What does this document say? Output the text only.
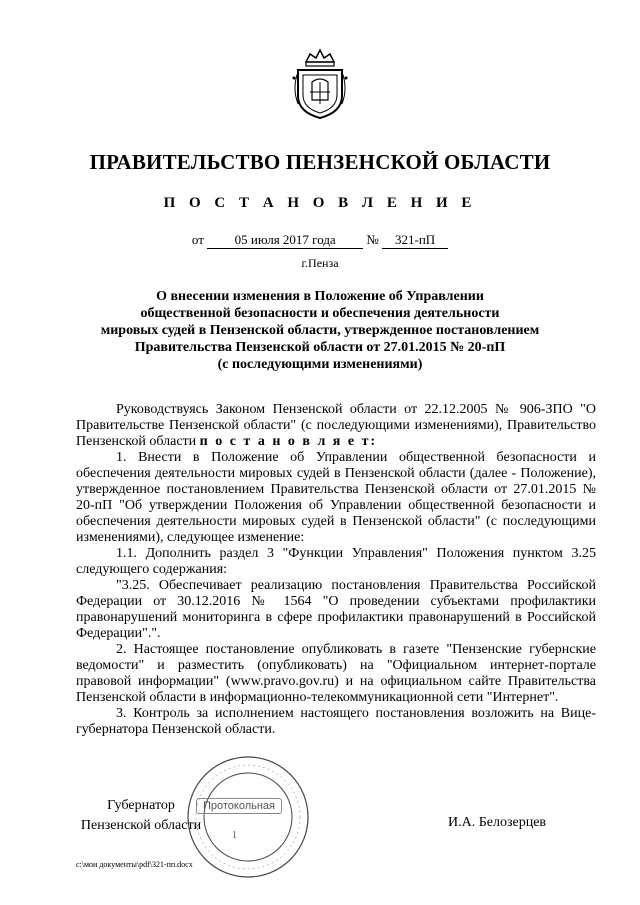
ПРАВИТЕЛЬСТВО ПЕНЗЕНСКОЙ ОБЛАСТИ
П О С Т А Н О В Л Е Н И Е
от 05 июля 2017 года № 321-пП
г.Пенза
О внесении изменения в Положение об Управлении
общественной безопасности и обеспечения деятельности
мировых судей в Пензенской области, утвержденное постановлением
Правительства Пензенской области от 27.01.2015 № 20-пП
(с последующими изменениями)

Руководствуясь Законом Пензенской области от 22.12.2005 № 906-ЗПО "О Правительстве Пензенской области" (с последующими изменениями), Правительство Пензенской области п о с т а н о в л я е т:

1. Внести в Положение об Управлении общественной безопасности и обеспечения деятельности мировых судей в Пензенской области (далее - Положение), утвержденное постановлением Правительства Пензенской области от 27.01.2015 № 20-пП "Об утверждении Положения об Управлении общественной безопасности и обеспечения деятельности мировых судей в Пензенской области" (с последующими изменениями), следующее изменение:

1.1. Дополнить раздел 3 "Функции Управления" Положения пунктом 3.25 следующего содержания:

"3.25. Обеспечивает реализацию постановления Правительства Российской Федерации от 30.12.2016 № 1564 "О проведении субъектами профилактики правонарушений мониторинга в сфере профилактики правонарушений в Российской Федерации".".

2. Настоящее постановление опубликовать в газете "Пензенские губернские ведомости" и разместить (опубликовать) на "Официальном интернет-портале правовой информации" (www.pravo.gov.ru) и на официальном сайте Правительства Пензенской области в информационно-телекоммуникационной сети "Интернет".

3. Контроль за исполнением настоящего постановления возложить на Вице-губернатора Пензенской области.

Протокольная
1
Губернатор
Пензенской области	И.А. Белозерцев
c:\мои документы\pdf\321-пп.docx
